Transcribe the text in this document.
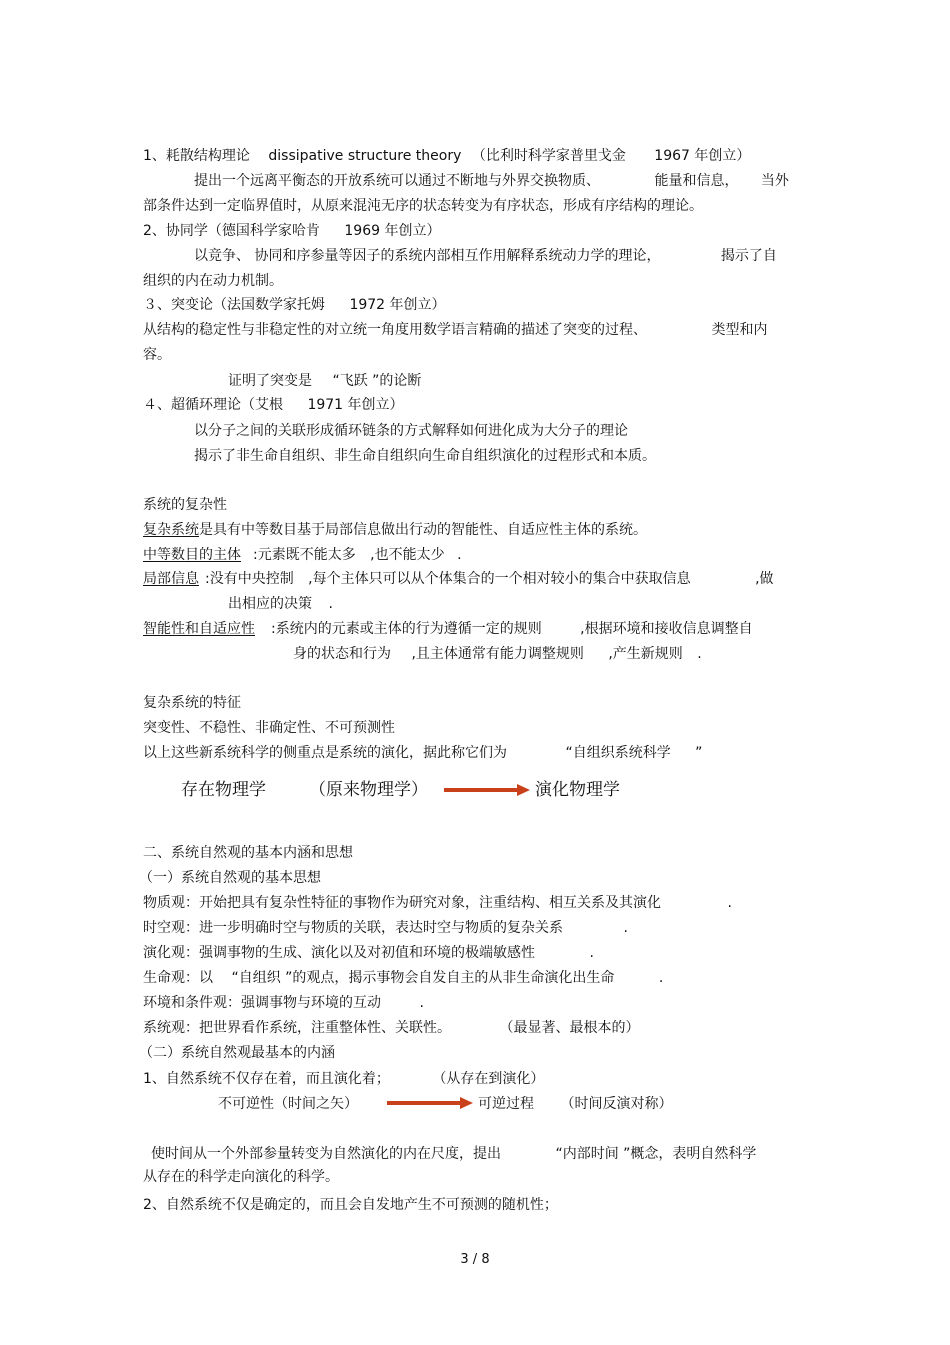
1、耗散结构理论 dissipative structure theory （比利时科学家普里戈金 1967 年创立）
提出一个远离平衡态的开放系统可以通过不断地与外界交换物质、	能量和信息， 当外
部条件达到一定临界值时，从原来混沌无序的状态转变为有序状态，形成有序结构的理论。
2、协同学（德国科学家哈肯 1969 年创立）
以竞争、 协同和序参量等因子的系统内部相互作用解释系统动力学的理论，	揭示了自
组织的内在动力机制。
３、突变论（法国数学家托姆 1972 年创立）
从结构的稳定性与非稳定性的对立统一角度用数学语言精确的描述了突变的过程、	类型和内
容。
证明了突变是 “飞跃 ”的论断
４、超循环理论（艾根 1971 年创立）
以分子之间的关联形成循环链条的方式解释如何进化成为大分子的理论
揭示了非生命自组织、非生命自组织向生命自组织演化的过程形式和本质。
系统的复杂性
复杂系统是具有中等数目基于局部信息做出行动的智能性、自适应性主体的系统。
中等数目的主体 :元素既不能太多 ,也不能太少 .
局部信息 :没有中央控制 ,每个主体只可以从个体集合的一个相对较小的集合中获取信息	,做
出相应的决策 .
智能性和自适应性 :系统内的元素或主体的行为遵循一定的规则	,根据环境和接收信息调整自
身的状态和行为 ,且主体通常有能力调整规则 ,产生新规则 .
复杂系统的特征
突变性、不稳性、非确定性、不可预测性
以上这些新系统科学的侧重点是系统的演化，据此称它们为	“自组织系统科学 ”
存在物理学	（原来物理学）	演化物理学
二、系统自然观的基本内涵和思想
（一）系统自然观的基本思想
物质观：开始把具有复杂性特征的事物作为研究对象，注重结构、相互关系及其演化	.
时空观：进一步明确时空与物质的关联，表达时空与物质的复杂关系	.
演化观：强调事物的生成、演化以及对初值和环境的极端敏感性	.
生命观：以 “自组织 ”的观点，揭示事物会自发自主的从非生命演化出生命	.
环境和条件观：强调事物与环境的互动	.
系统观：把世界看作系统，注重整体性、关联性。	（最显著、最根本的）
（二）系统自然观最基本的内涵
1、自然系统不仅存在着，而且演化着；	（从存在到演化）
不可逆性（时间之矢）	可逆过程 （时间反演对称）
使时间从一个外部参量转变为自然演化的内在尺度，提出	“内部时间 ”概念，表明自然科学
从存在的科学走向演化的科学。
2、自然系统不仅是确定的，而且会自发地产生不可预测的随机性；
3 / 8
